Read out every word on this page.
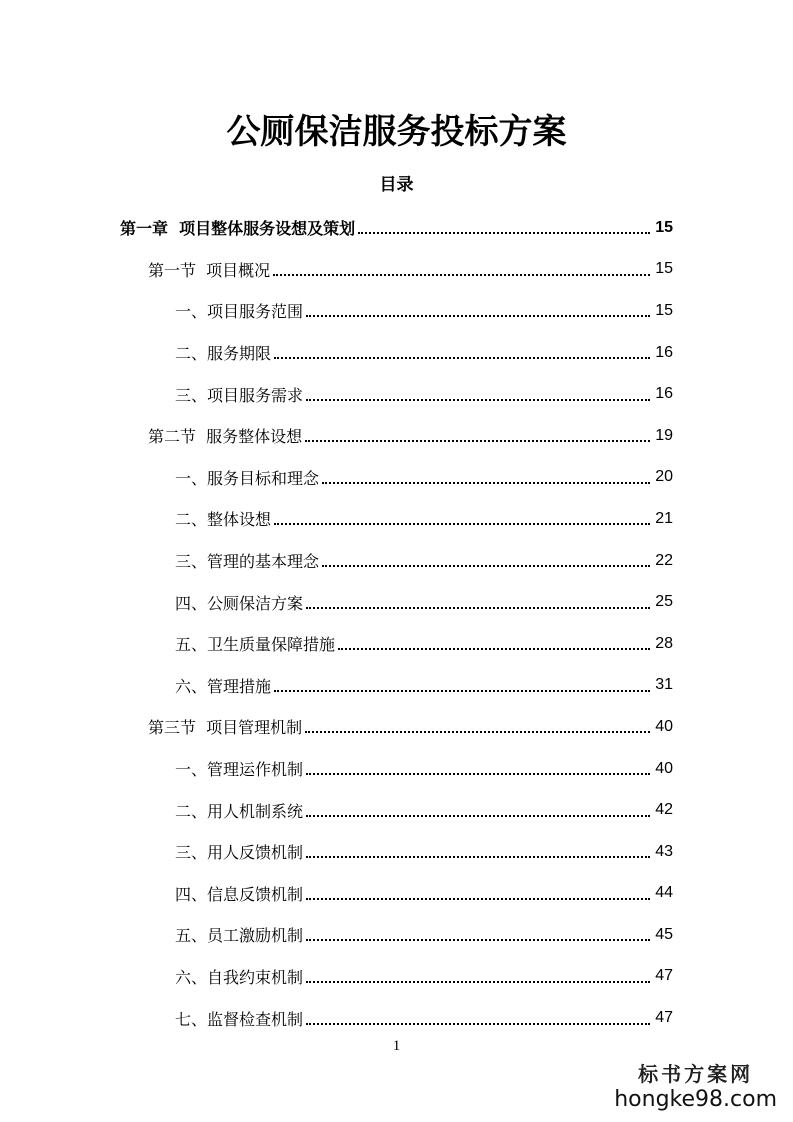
公厕保洁服务投标方案
目录
第一章  项目整体服务设想及策划	15
第一节  项目概况	15
一、项目服务范围	15
二、服务期限	16
三、项目服务需求	16
第二节  服务整体设想	19
一、服务目标和理念	20
二、整体设想	21
三、管理的基本理念	22
四、公厕保洁方案	25
五、卫生质量保障措施	28
六、管理措施	31
第三节  项目管理机制	40
一、管理运作机制	40
二、用人机制系统	42
三、用人反馈机制	43
四、信息反馈机制	44
五、员工激励机制	45
六、自我约束机制	47
七、监督检查机制	47
1
标书方案网
hongke98.com
